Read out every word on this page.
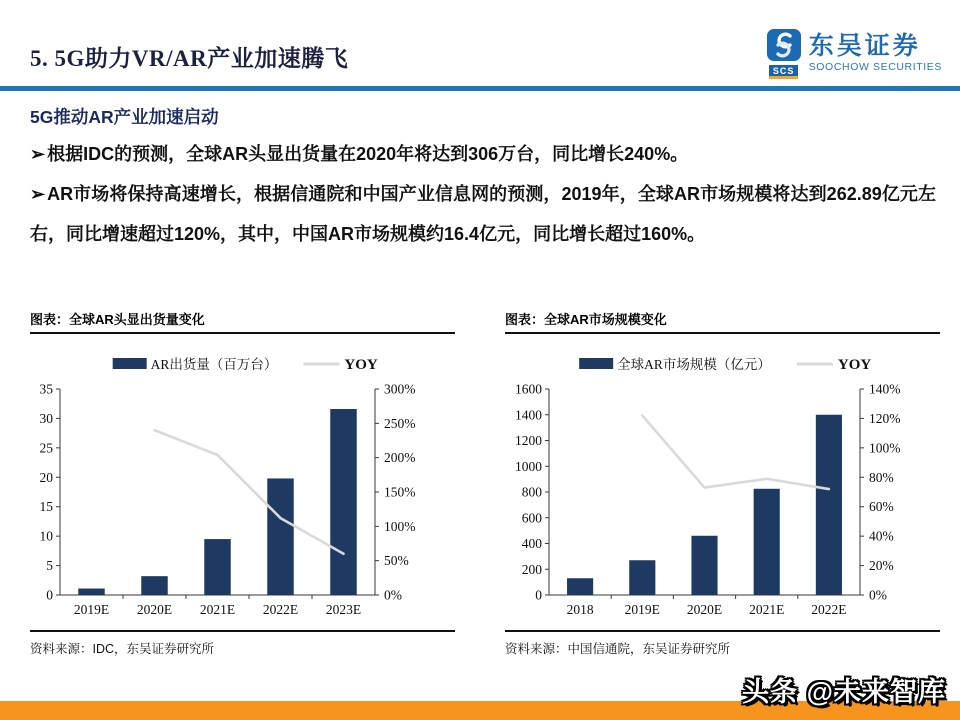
5. 5G助力VR/AR产业加速腾飞	SCS
东吴证券
SOOCHOW SECURITIES
5G推动AR产业加速启动
➢ 根据IDC的预测，全球AR头显出货量在2020年将达到306万台，同比增长240%。
➢ AR市场将保持高速增长，根据信通院和中国产业信息网的预测，2019年，全球AR市场规模将达到262.89亿元左右，同比增速超过120%，其中，中国AR市场规模约16.4亿元，同比增长超过160%。
图表：全球AR头显出货量变化
0
5
10
15
20
25
30
35
0%
50%
100%
150%
200%
250%
300%
2019E 2020E 2021E 2022E 2023E
AR出货量（百万台）	YOY
资料来源：IDC，东吴证券研究所
图表：全球AR市场规模变化
0
200
400
600
800
1000
1200
1400
1600
0%
20%
40%
60%
80%
100%
120%
140%
2018 2019E 2020E 2021E 2022E
全球AR市场规模（亿元）	YOY
资料来源：中国信通院，东吴证券研究所
头条 @未来智库
